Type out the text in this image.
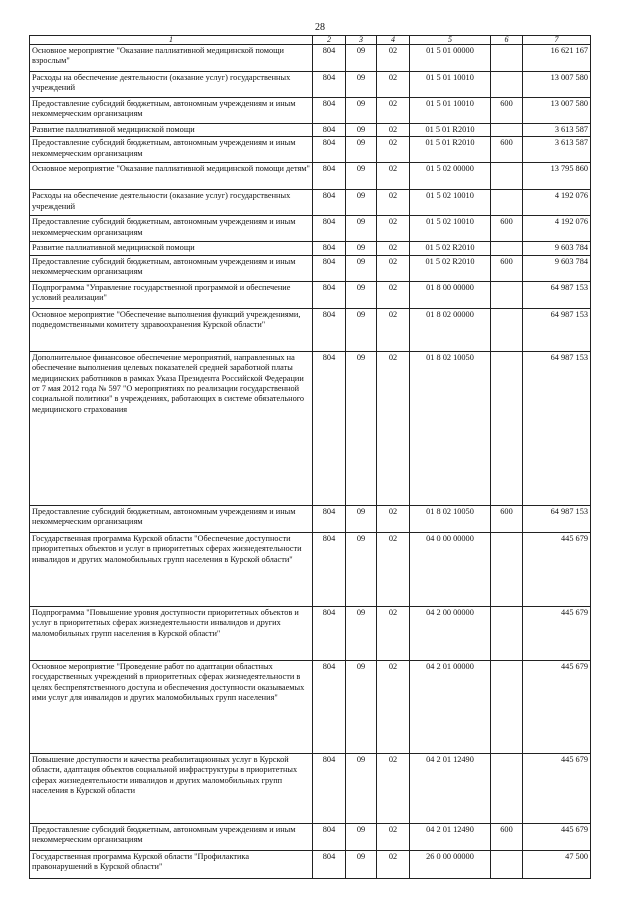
28
1	2	3	4	5	6	7
Основное мероприятие "Оказание паллиативной медицинской помощи взрослым"	804	09	02	01 5 01 00000		16 621 167
Расходы на обеспечение деятельности (оказание услуг) государственных учреждений	804	09	02	01 5 01 10010		13 007 580
Предоставление субсидий бюджетным, автономным учреждениям и иным некоммерческим организациям	804	09	02	01 5 01 10010	600	13 007 580
Развитие паллиативной медицинской помощи	804	09	02	01 5 01 R2010		3 613 587
Предоставление субсидий бюджетным, автономным учреждениям и иным некоммерческим организациям	804	09	02	01 5 01 R2010	600	3 613 587
Основное мероприятие "Оказание паллиативной медицинской помощи детям"	804	09	02	01 5 02 00000		13 795 860
Расходы на обеспечение деятельности (оказание услуг) государственных учреждений	804	09	02	01 5 02 10010		4 192 076
Предоставление субсидий бюджетным, автономным учреждениям и иным некоммерческим организациям	804	09	02	01 5 02 10010	600	4 192 076
Развитие паллиативной медицинской помощи	804	09	02	01 5 02 R2010		9 603 784
Предоставление субсидий бюджетным, автономным учреждениям и иным некоммерческим организациям	804	09	02	01 5 02 R2010	600	9 603 784
Подпрограмма "Управление государственной программой и обеспечение условий реализации"	804	09	02	01 8 00 00000		64 987 153
Основное мероприятие "Обеспечение выполнения функций учреждениями, подведомственными комитету здравоохранения Курской области"	804	09	02	01 8 02 00000		64 987 153
Дополнительное финансовое обеспечение мероприятий, направленных на обеспечение выполнения целевых показателей средней заработной платы медицинских работников в рамках Указа Президента Российской Федерации от 7 мая 2012 года № 597 "О мероприятиях по реализации государственной социальной политики" в учреждениях, работающих в системе обязательного медицинского страхования	804	09	02	01 8 02 10050		64 987 153
Предоставление субсидий бюджетным, автономным учреждениям и иным некоммерческим организациям	804	09	02	01 8 02 10050	600	64 987 153
Государственная программа Курской области "Обеспечение доступности приоритетных объектов и услуг в приоритетных сферах жизнедеятельности инвалидов и других маломобильных групп населения в Курской области"	804	09	02	04 0 00 00000		445 679
Подпрограмма "Повышение уровня доступности приоритетных объектов и услуг в приоритетных сферах жизнедеятельности инвалидов и других маломобильных групп населения в Курской области"	804	09	02	04 2 00 00000		445 679
Основное мероприятие "Проведение работ по адаптации областных государственных учреждений в приоритетных сферах жизнедеятельности в целях беспрепятственного доступа и обеспечения доступности оказываемых ими услуг для инвалидов и других маломобильных групп населения"	804	09	02	04 2 01 00000		445 679
Повышение доступности и качества реабилитационных услуг в Курской области, адаптация объектов социальной инфраструктуры в приоритетных сферах жизнедеятельности инвалидов и других маломобильных групп населения в Курской области	804	09	02	04 2 01 12490		445 679
Предоставление субсидий бюджетным, автономным учреждениям и иным некоммерческим организациям	804	09	02	04 2 01 12490	600	445 679
Государственная программа Курской области "Профилактика правонарушений в Курской области"	804	09	02	26 0 00 00000		47 500
